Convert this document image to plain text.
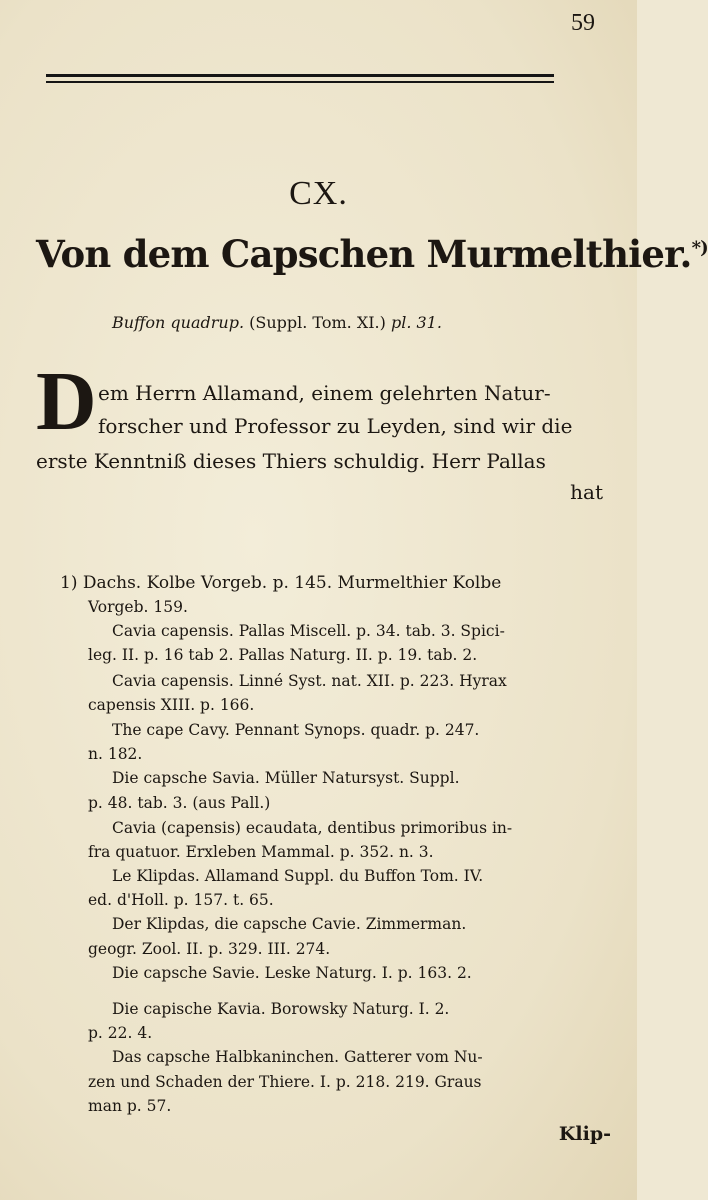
59
CX.
Von dem Capschen Murmelthier.*)
Buffon quadrup. (Suppl. Tom. XI.) pl. 31.
D em Herrn Allamand, einem gelehrten Natur-
forscher und Professor zu Leyden, sind wir die
erste Kenntniß dieses Thiers schuldig. Herr Pallas
hat
1) Dachs. Kolbe Vorgeb. p. 145. Murmelthier Kolbe
Vorgeb. 159.
Cavia capensis. Pallas Miscell. p. 34. tab. 3. Spici-
leg. II. p. 16 tab 2. Pallas Naturg. II. p. 19. tab. 2.
Cavia capensis. Linné Syst. nat. XII. p. 223. Hyrax
capensis XIII. p. 166.
The cape Cavy. Pennant Synops. quadr. p. 247.
n. 182.
Die capsche Savia. Müller Natursyst. Suppl.
p. 48. tab. 3. (aus Pall.)
Cavia (capensis) ecaudata, dentibus primoribus in-
fra quatuor. Erxleben Mammal. p. 352. n. 3.
Le Klipdas. Allamand Suppl. du Buffon Tom. IV.
ed. d'Holl. p. 157. t. 65.
Der Klipdas, die capsche Cavie. Zimmerman.
geogr. Zool. II. p. 329. III. 274.
Die capsche Savie. Leske Naturg. I. p. 163. 2.
Die capische Kavia. Borowsky Naturg. I. 2.
p. 22. 4.
Das capsche Halbkaninchen. Gatterer vom Nu-
zen und Schaden der Thiere. I. p. 218. 219. Graus
man p. 57.
Klip-
